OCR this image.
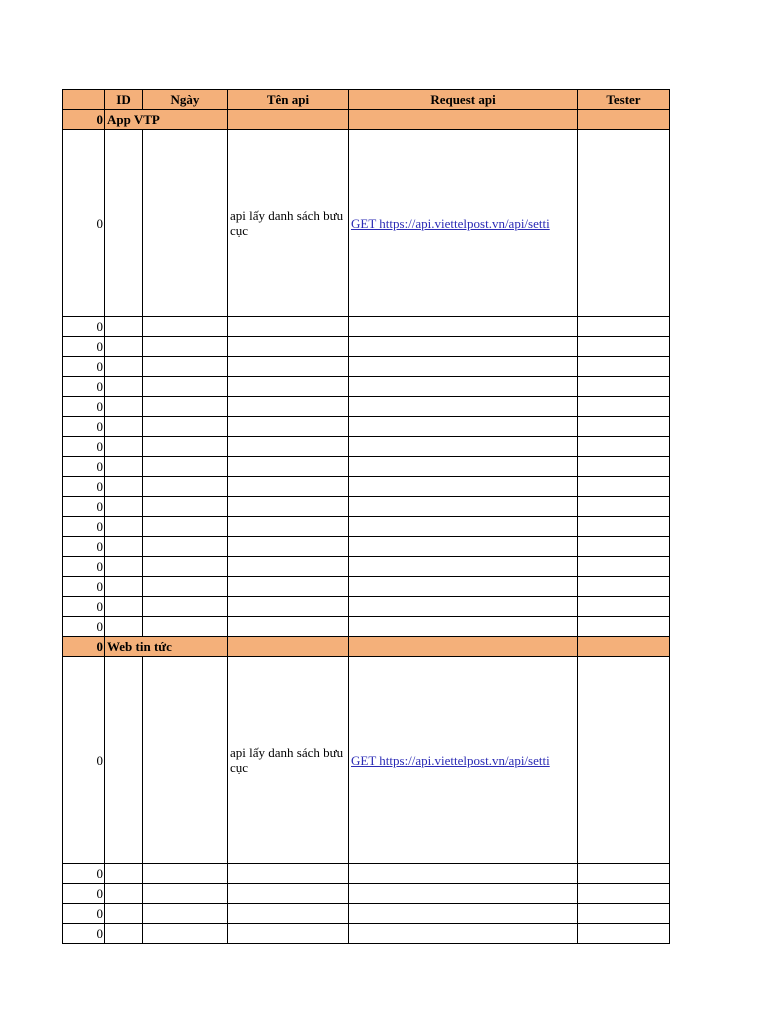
	ID	Ngày	Tên api	Request api	Tester
0	App VTP				
0			api lấy danh sách bưu cục	GET https://api.viettelpost.vn/api/setti	
0					
0					
0					
0					
0					
0					
0					
0					
0					
0					
0					
0					
0					
0					
0					
0					
0	Web tin tức				
0			api lấy danh sách bưu cục	GET https://api.viettelpost.vn/api/setti	
0					
0					
0					
0					
